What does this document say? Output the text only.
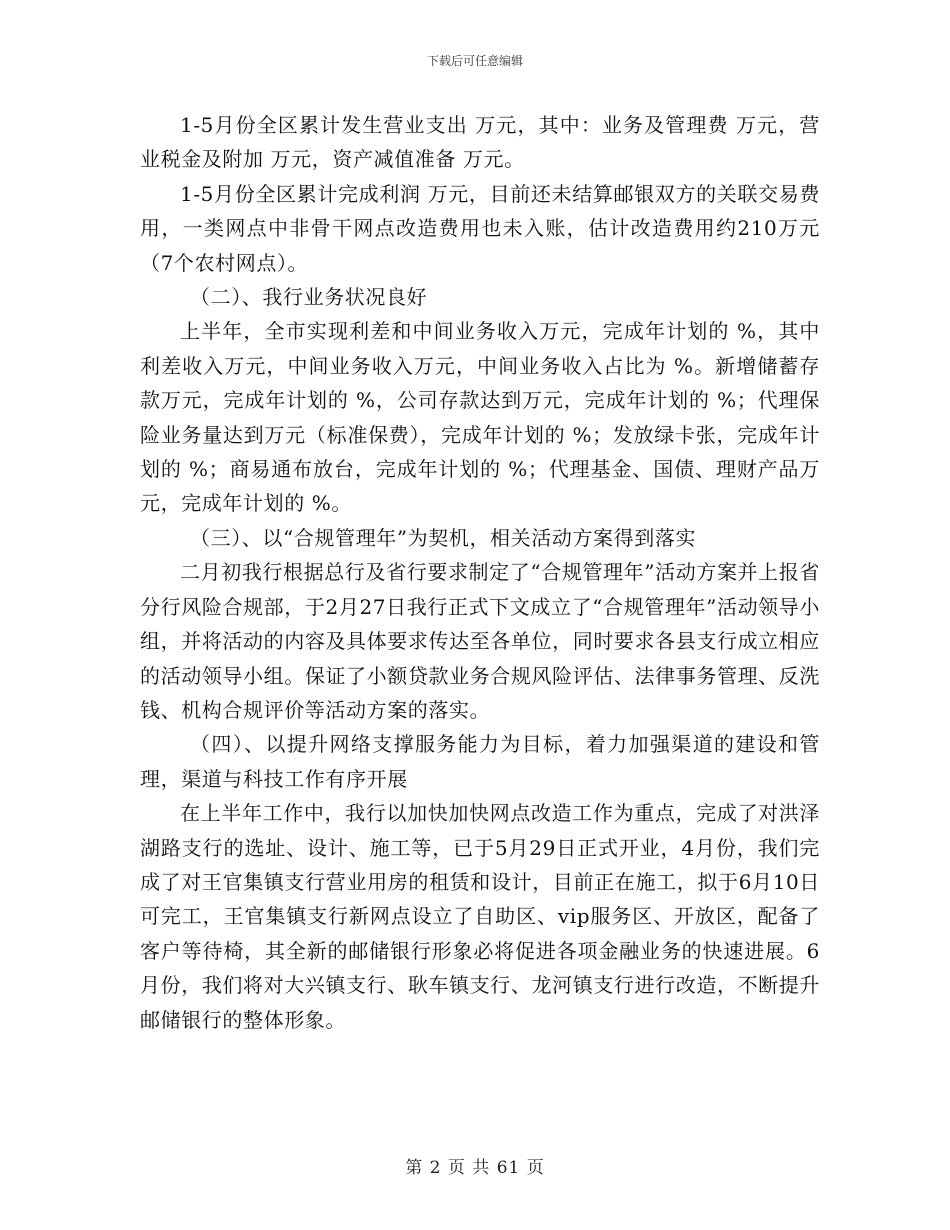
下载后可任意编辑

1-5月份全区累计发生营业支出 万元，其中：业务及管理费 万元，营业税金及附加 万元，资产减值准备 万元。

1-5月份全区累计完成利润 万元，目前还未结算邮银双方的关联交易费用，一类网点中非骨干网点改造费用也未入账，估计改造费用约210万元（7个农村网点）。

（二）、我行业务状况良好

上半年，全市实现利差和中间业务收入万元，完成年计划的 %，其中利差收入万元，中间业务收入万元，中间业务收入占比为 %。新增储蓄存款万元，完成年计划的 %，公司存款达到万元，完成年计划的 %；代理保险业务量达到万元（标准保费），完成年计划的 %；发放绿卡张，完成年计划的 %；商易通布放台，完成年计划的 %；代理基金、国债、理财产品万元，完成年计划的 %。

（三）、以“合规管理年”为契机，相关活动方案得到落实

二月初我行根据总行及省行要求制定了“合规管理年”活动方案并上报省分行风险合规部，于2月27日我行正式下文成立了“合规管理年”活动领导小组，并将活动的内容及具体要求传达至各单位，同时要求各县支行成立相应的活动领导小组。保证了小额贷款业务合规风险评估、法律事务管理、反洗钱、机构合规评价等活动方案的落实。

（四）、以提升网络支撑服务能力为目标，着力加强渠道的建设和管理，渠道与科技工作有序开展

在上半年工作中，我行以加快加快网点改造工作为重点，完成了对洪泽湖路支行的选址、设计、施工等，已于5月29日正式开业，4月份，我们完成了对王官集镇支行营业用房的租赁和设计，目前正在施工，拟于6月10日可完工，王官集镇支行新网点设立了自助区、vip服务区、开放区，配备了客户等待椅，其全新的邮储银行形象必将促进各项金融业务的快速进展。6月份，我们将对大兴镇支行、耿车镇支行、龙河镇支行进行改造，不断提升邮储银行的整体形象。

第 2 页 共 61 页
